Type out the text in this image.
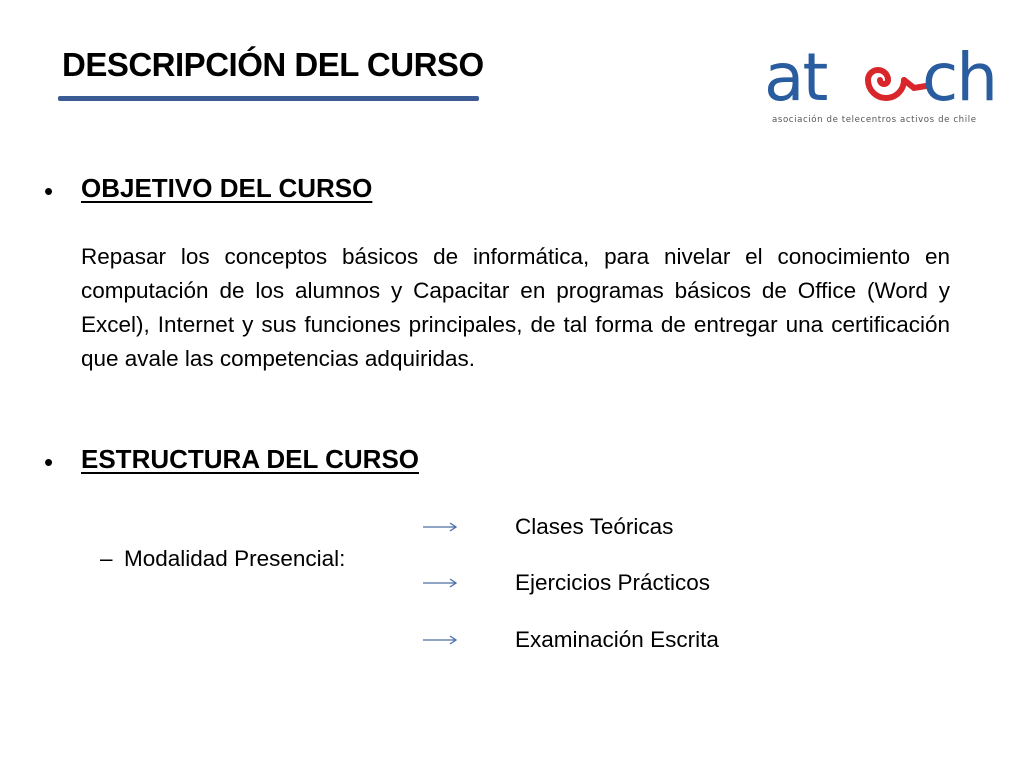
DESCRIPCIÓN DEL CURSO	at ch
asociación de telecentros activos de chile
• OBJETIVO DEL CURSO
Repasar los conceptos básicos de informática, para nivelar el conocimiento en computación de los alumnos y Capacitar en programas básicos de Office (Word y Excel), Internet y sus funciones principales, de tal forma de entregar una certificación que avale las competencias adquiridas.
• ESTRUCTURA DEL CURSO
– Modalidad Presencial:
Clases Teóricas
Ejercicios Prácticos
Examinación Escrita
